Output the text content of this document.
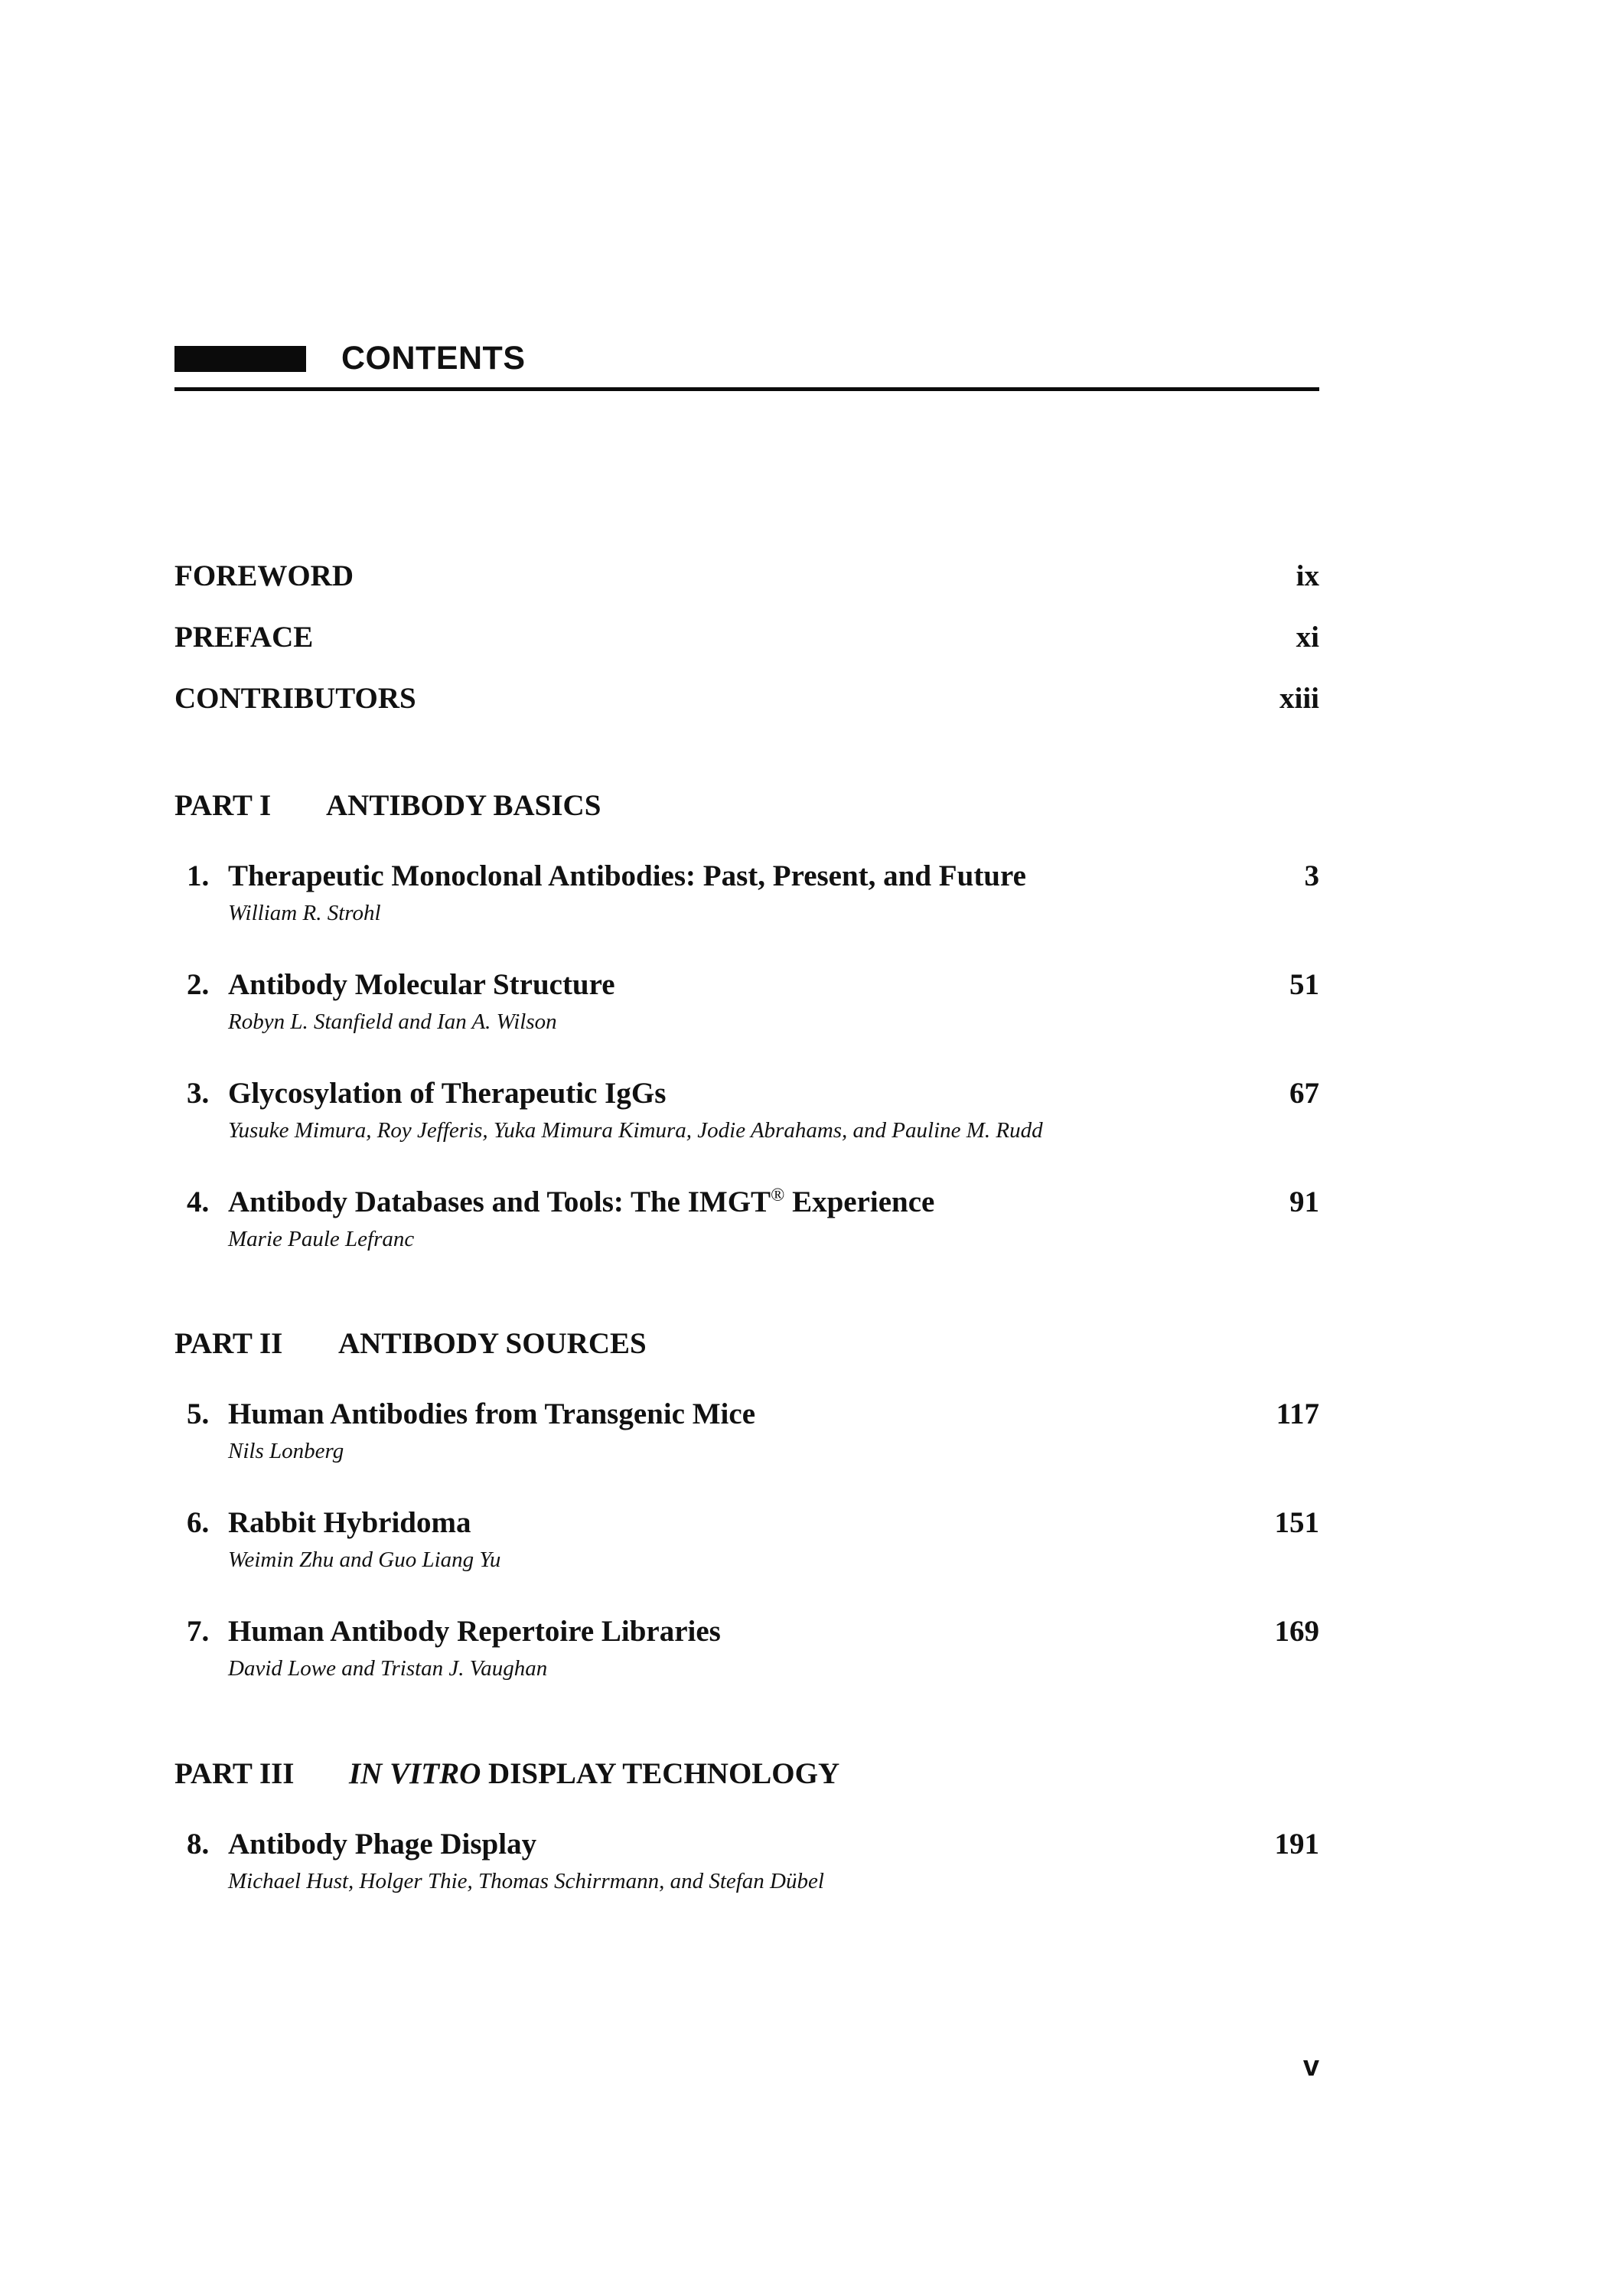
CONTENTS
FOREWORD	ix
PREFACE	xi
CONTRIBUTORS	xiii
PART I ANTIBODY BASICS
1. Therapeutic Monoclonal Antibodies: Past, Present, and Future	3
William R. Strohl
2. Antibody Molecular Structure	51
Robyn L. Stanfield and Ian A. Wilson
3. Glycosylation of Therapeutic IgGs	67
Yusuke Mimura, Roy Jefferis, Yuka Mimura Kimura, Jodie Abrahams, and Pauline M. Rudd
4. Antibody Databases and Tools: The IMGT® Experience	91
Marie Paule Lefranc
PART II ANTIBODY SOURCES
5. Human Antibodies from Transgenic Mice	117
Nils Lonberg
6. Rabbit Hybridoma	151
Weimin Zhu and Guo Liang Yu
7. Human Antibody Repertoire Libraries	169
David Lowe and Tristan J. Vaughan
PART III IN VITRO DISPLAY TECHNOLOGY
8. Antibody Phage Display	191
Michael Hust, Holger Thie, Thomas Schirrmann, and Stefan Dübel
v
